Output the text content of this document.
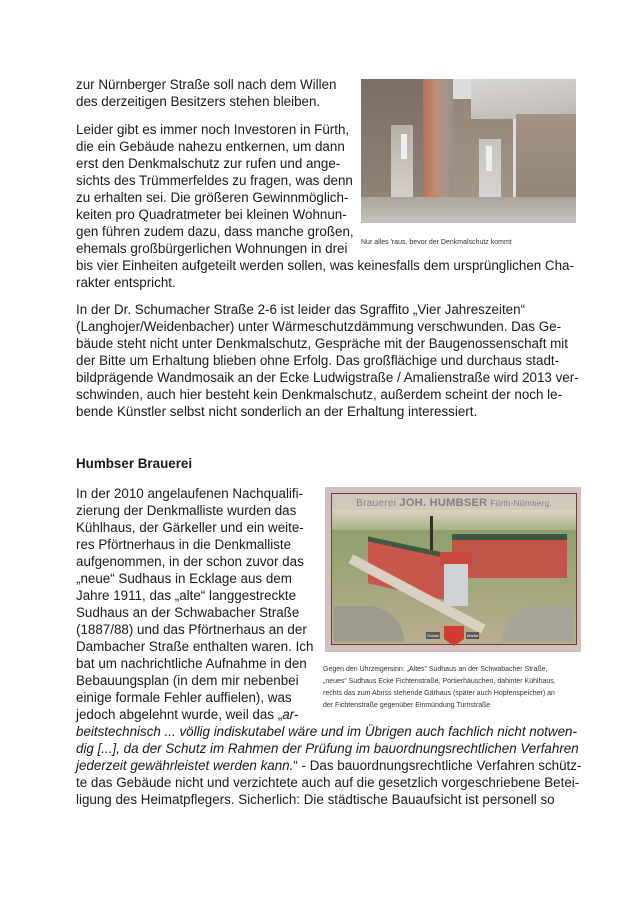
zur Nürnberger Straße soll nach dem Willen
des derzeitigen Besitzers stehen bleiben.
Leider gibt es immer noch Investoren in Fürth,
die ein Gebäude nahezu entkernen, um dann
erst den Denkmalschutz zur rufen und ange-
sichts des Trümmerfeldes zu fragen, was denn
zu erhalten sei. Die größeren Gewinnmöglich-
keiten pro Quadratmeter bei kleinen Wohnun-
gen führen zudem dazu, dass manche großen,
ehemals großbürgerlichen Wohnungen in drei
bis vier Einheiten aufgeteilt werden sollen, was keinesfalls dem ursprünglichen Cha-
rakter entspricht.
Nur alles 'raus, bevor der Denkmalschutz kommt
In der Dr. Schumacher Straße 2-6 ist leider das Sgraffito „Vier Jahreszeiten“
(Langhojer/Weidenbacher) unter Wärmeschutzdämmung verschwunden. Das Ge-
bäude steht nicht unter Denkmalschutz, Gespräche mit der Baugenossenschaft mit
der Bitte um Erhaltung blieben ohne Erfolg. Das großflächige und durchaus stadt-
bildprägende Wandmosaik an der Ecke Ludwigstraße / Amalienstraße wird 2013 ver-
schwinden, auch hier besteht kein Denkmalschutz, außerdem scheint der noch le-
bende Künstler selbst nicht sonderlich an der Erhaltung interessiert.
Humbser Brauerei
In der 2010 angelaufenen Nachqualifi-
zierung der Denkmalliste wurden das
Kühlhaus, der Gärkeller und ein weite-
res Pförtnerhaus in die Denkmalliste
aufgenommen, in der schon zuvor das
„neue“ Sudhaus in Ecklage aus dem
Jahre 1911, das „alte“ langgestreckte
Sudhaus an der Schwabacher Straße
(1887/88) und das Pförtnerhaus an der
Dambacher Straße enthalten waren. Ich
bat um nachrichtliche Aufnahme in den
Bebauungsplan (in dem mir nebenbei
einige formale Fehler auffielen), was
jedoch abgelehnt wurde, weil das „ar-
beitstechnisch ... völlig indiskutabel wäre und im Übrigen auch fachlich nicht notwen-
dig [...], da der Schutz im Rahmen der Prüfung im bauordnungsrechtlichen Verfahren
jederzeit gewährleistet werden kann.“ - Das bauordnungsrechtliche Verfahren schütz-
te das Gebäude nicht und verzichtete auch auf die gesetzlich vorgeschriebene Betei-
ligung des Heimatpflegers. Sicherlich: Die städtische Bauaufsicht ist personell so
Brauerei JOH. HUMBSER Fürth-Nürnberg.
Schutz	Marke
Gegen den Uhrzeigersinn: „Altes“ Sudhaus an der Schwabacher Straße,
„neues“ Sudhaus Ecke Fichtenstraße, Portierhäuschen, dahinter Kühlhaus,
rechts das zum Abriss stehende Gärhaus (später auch Hopfenspeicher) an
der Fichtenstraße gegenüber Einmündung Turnstraße
